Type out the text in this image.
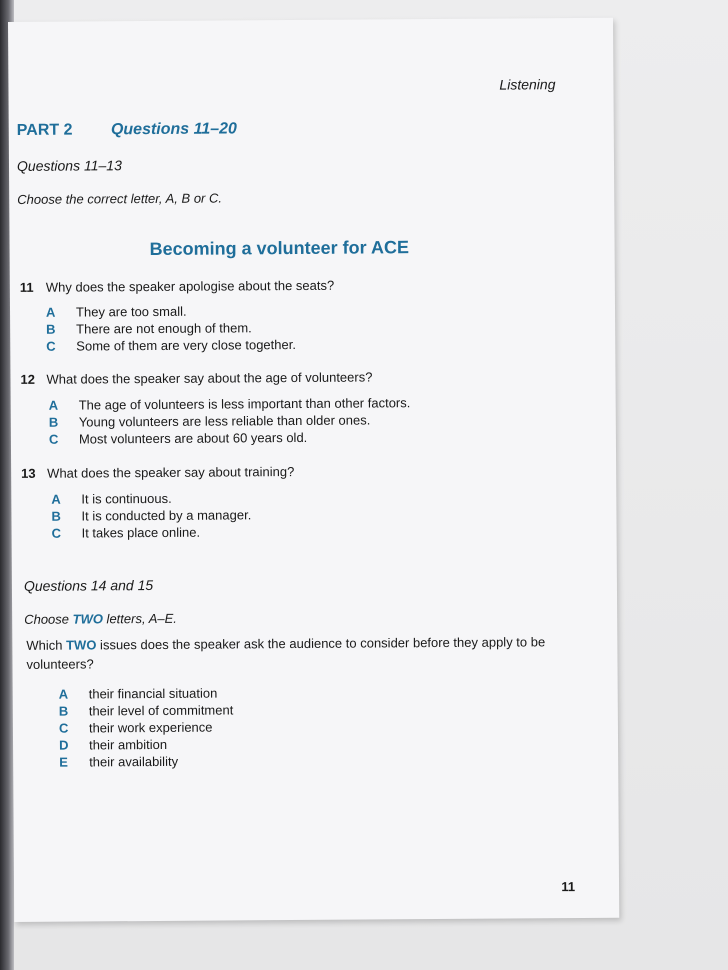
Listening
PART 2 Questions 11–20
Questions 11–13
Choose the correct letter, A, B or C.
Becoming a volunteer for ACE
11 Why does the speaker apologise about the seats?
A They are too small.
B There are not enough of them.
C Some of them are very close together.
12 What does the speaker say about the age of volunteers?
A The age of volunteers is less important than other factors.
B Young volunteers are less reliable than older ones.
C Most volunteers are about 60 years old.
13 What does the speaker say about training?
A It is continuous.
B It is conducted by a manager.
C It takes place online.
Questions 14 and 15
Choose TWO letters, A–E.
Which TWO issues does the speaker ask the audience to consider before they apply to be volunteers?
A their financial situation
B their level of commitment
C their work experience
D their ambition
E their availability
11
